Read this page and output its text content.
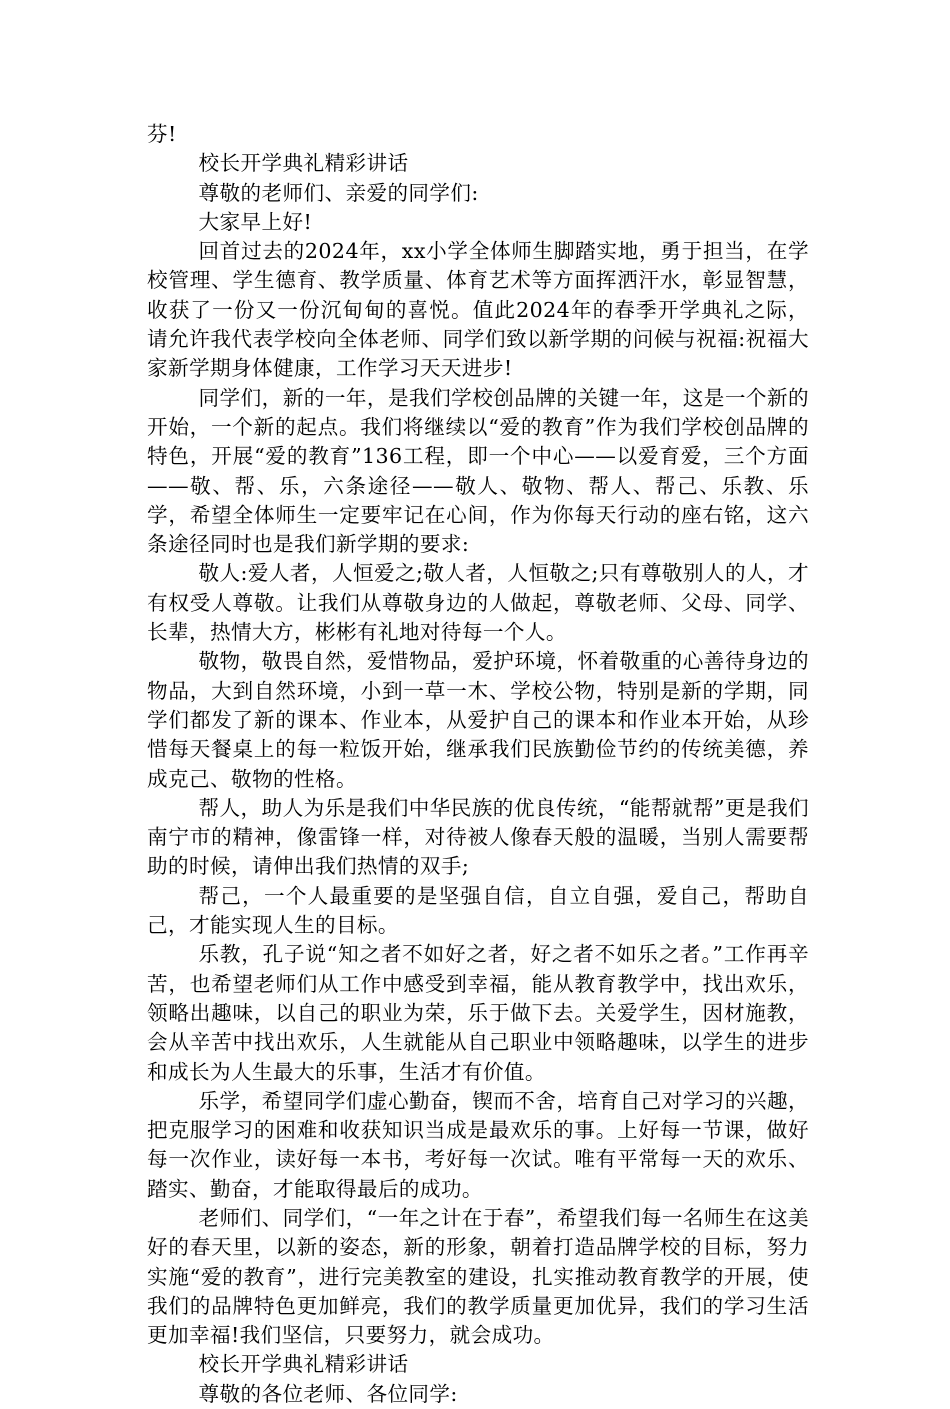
芬!

校长开学典礼精彩讲话

尊敬的老师们、亲爱的同学们:

大家早上好!

回首过去的2024年，xx小学全体师生脚踏实地，勇于担当，在学校管理、学生德育、教学质量、体育艺术等方面挥洒汗水，彰显智慧，收获了一份又一份沉甸甸的喜悦。值此2024年的春季开学典礼之际，请允许我代表学校向全体老师、同学们致以新学期的问候与祝福:祝福大家新学期身体健康，工作学习天天进步!

同学们，新的一年，是我们学校创品牌的关键一年，这是一个新的开始，一个新的起点。我们将继续以“爱的教育”作为我们学校创品牌的特色，开展“爱的教育”136工程，即一个中心——以爱育爱，三个方面——敬、帮、乐，六条途径——敬人、敬物、帮人、帮己、乐教、乐学，希望全体师生一定要牢记在心间，作为你每天行动的座右铭，这六条途径同时也是我们新学期的要求:

敬人:爱人者，人恒爱之;敬人者，人恒敬之;只有尊敬别人的人，才有权受人尊敬。让我们从尊敬身边的人做起，尊敬老师、父母、同学、长辈，热情大方，彬彬有礼地对待每一个人。

敬物，敬畏自然，爱惜物品，爱护环境，怀着敬重的心善待身边的物品，大到自然环境，小到一草一木、学校公物，特别是新的学期，同学们都发了新的课本、作业本，从爱护自己的课本和作业本开始，从珍惜每天餐桌上的每一粒饭开始，继承我们民族勤俭节约的传统美德，养成克己、敬物的性格。

帮人，助人为乐是我们中华民族的优良传统，“能帮就帮”更是我们南宁市的精神，像雷锋一样，对待被人像春天般的温暖，当别人需要帮助的时候，请伸出我们热情的双手;

帮己，一个人最重要的是坚强自信，自立自强，爱自己，帮助自己，才能实现人生的目标。

乐教，孔子说“知之者不如好之者，好之者不如乐之者。”工作再辛苦，也希望老师们从工作中感受到幸福，能从教育教学中，找出欢乐，领略出趣味，以自己的职业为荣，乐于做下去。关爱学生，因材施教，会从辛苦中找出欢乐，人生就能从自己职业中领略趣味，以学生的进步和成长为人生最大的乐事，生活才有价值。

乐学，希望同学们虚心勤奋，锲而不舍，培育自己对学习的兴趣，把克服学习的困难和收获知识当成是最欢乐的事。上好每一节课，做好每一次作业，读好每一本书，考好每一次试。唯有平常每一天的欢乐、踏实、勤奋，才能取得最后的成功。

老师们、同学们，“一年之计在于春”，希望我们每一名师生在这美好的春天里，以新的姿态，新的形象，朝着打造品牌学校的目标，努力实施“爱的教育”，进行完美教室的建设，扎实推动教育教学的开展，使我们的品牌特色更加鲜亮，我们的教学质量更加优异，我们的学习生活更加幸福!我们坚信，只要努力，就会成功。

校长开学典礼精彩讲话

尊敬的各位老师、各位同学:
